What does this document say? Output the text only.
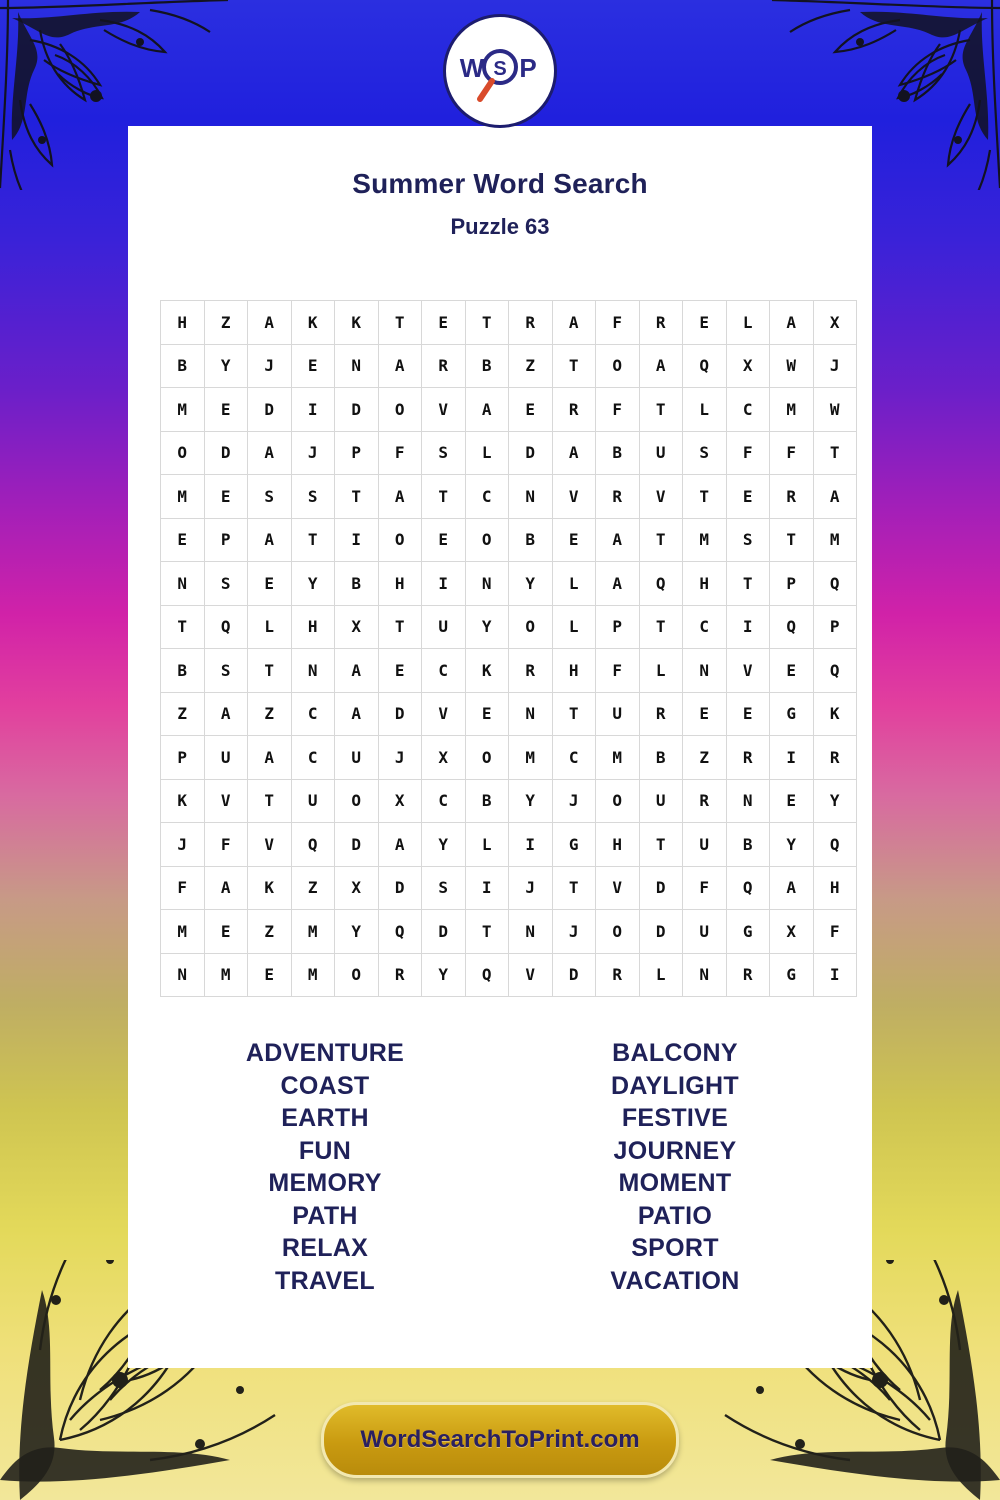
W S P
Summer Word Search
Puzzle 63
H	Z	A	K	K	T	E	T	R	A	F	R	E	L	A	X
B	Y	J	E	N	A	R	B	Z	T	O	A	Q	X	W	J
M	E	D	I	D	O	V	A	E	R	F	T	L	C	M	W
O	D	A	J	P	F	S	L	D	A	B	U	S	F	F	T
M	E	S	S	T	A	T	C	N	V	R	V	T	E	R	A
E	P	A	T	I	O	E	O	B	E	A	T	M	S	T	M
N	S	E	Y	B	H	I	N	Y	L	A	Q	H	T	P	Q
T	Q	L	H	X	T	U	Y	O	L	P	T	C	I	Q	P
B	S	T	N	A	E	C	K	R	H	F	L	N	V	E	Q
Z	A	Z	C	A	D	V	E	N	T	U	R	E	E	G	K
P	U	A	C	U	J	X	O	M	C	M	B	Z	R	I	R
K	V	T	U	O	X	C	B	Y	J	O	U	R	N	E	Y
J	F	V	Q	D	A	Y	L	I	G	H	T	U	B	Y	Q
F	A	K	Z	X	D	S	I	J	T	V	D	F	Q	A	H
M	E	Z	M	Y	Q	D	T	N	J	O	D	U	G	X	F
N	M	E	M	O	R	Y	Q	V	D	R	L	N	R	G	I
ADVENTURE
COAST
EARTH
FUN
MEMORY
PATH
RELAX
TRAVEL
BALCONY
DAYLIGHT
FESTIVE
JOURNEY
MOMENT
PATIO
SPORT
VACATION
WordSearchToPrint.com
